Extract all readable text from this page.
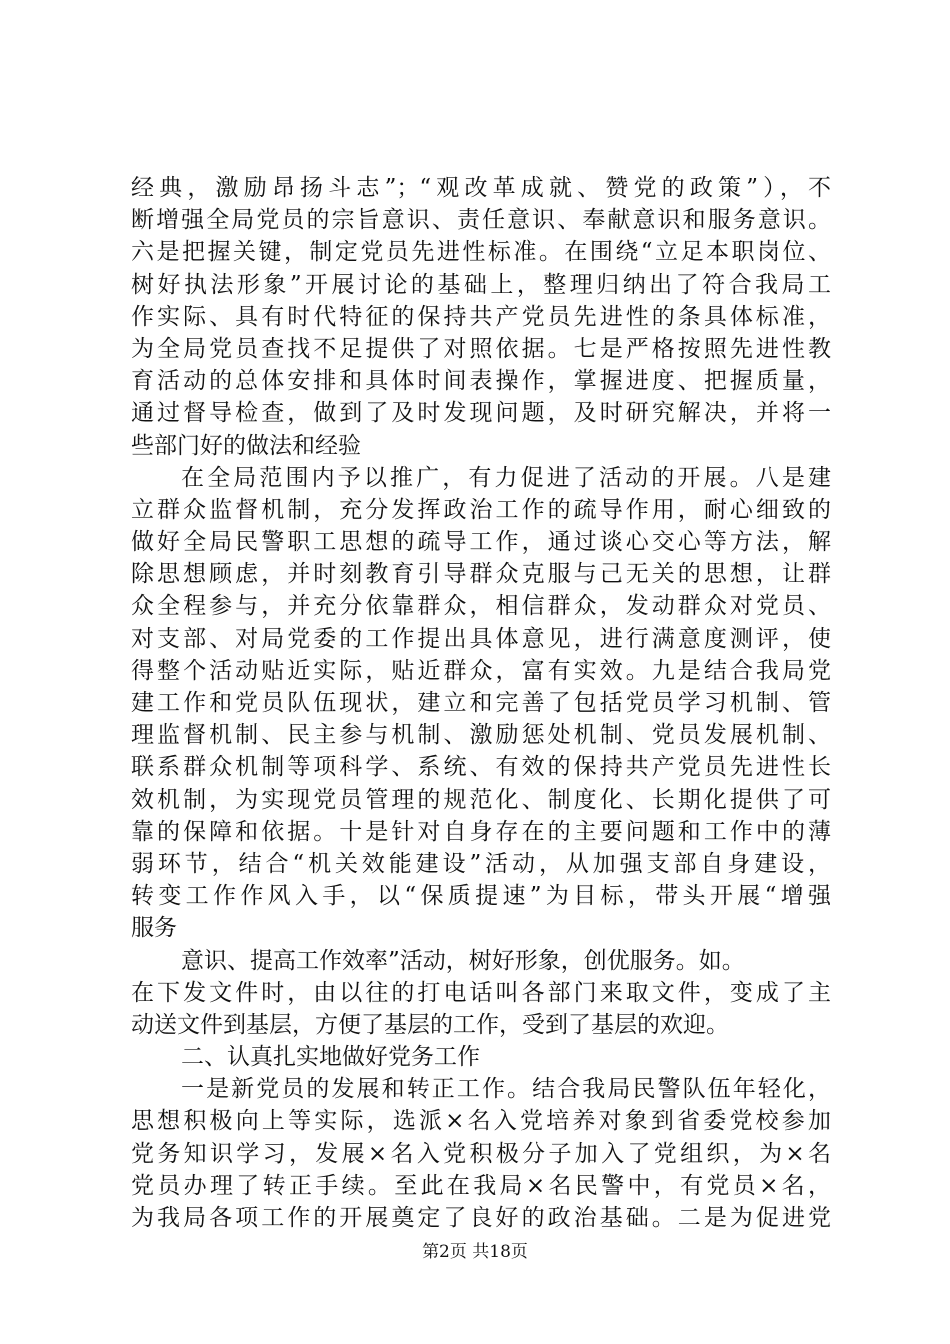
经典，激励昂扬斗志”；“观改革成就、赞党的政策”），不
断增强全局党员的宗旨意识、责任意识、奉献意识和服务意识。
六是把握关键，制定党员先进性标准。在围绕“立足本职岗位、
树好执法形象”开展讨论的基础上，整理归纳出了符合我局工
作实际、具有时代特征的保持共产党员先进性的条具体标准，
为全局党员查找不足提供了对照依据。七是严格按照先进性教
育活动的总体安排和具体时间表操作，掌握进度、把握质量，
通过督导检查，做到了及时发现问题，及时研究解决，并将一
些部门好的做法和经验
在全局范围内予以推广，有力促进了活动的开展。八是建
立群众监督机制，充分发挥政治工作的疏导作用，耐心细致的
做好全局民警职工思想的疏导工作，通过谈心交心等方法，解
除思想顾虑，并时刻教育引导群众克服与己无关的思想，让群
众全程参与，并充分依靠群众，相信群众，发动群众对党员、
对支部、对局党委的工作提出具体意见，进行满意度测评，使
得整个活动贴近实际，贴近群众，富有实效。九是结合我局党
建工作和党员队伍现状，建立和完善了包括党员学习机制、管
理监督机制、民主参与机制、激励惩处机制、党员发展机制、
联系群众机制等项科学、系统、有效的保持共产党员先进性长
效机制，为实现党员管理的规范化、制度化、长期化提供了可
靠的保障和依据。十是针对自身存在的主要问题和工作中的薄
弱环节，结合“机关效能建设”活动，从加强支部自身建设，
转变工作作风入手，以“保质提速”为目标，带头开展“增强
服务
意识、提高工作效率”活动，树好形象，创优服务。如。
在下发文件时，由以往的打电话叫各部门来取文件，变成了主
动送文件到基层，方便了基层的工作，受到了基层的欢迎。
二、认真扎实地做好党务工作
一是新党员的发展和转正工作。结合我局民警队伍年轻化，
思想积极向上等实际，选派×名入党培养对象到省委党校参加
党务知识学习，发展×名入党积极分子加入了党组织，为×名
党员办理了转正手续。至此在我局×名民警中，有党员×名，
为我局各项工作的开展奠定了良好的政治基础。二是为促进党
第2页 共18页
